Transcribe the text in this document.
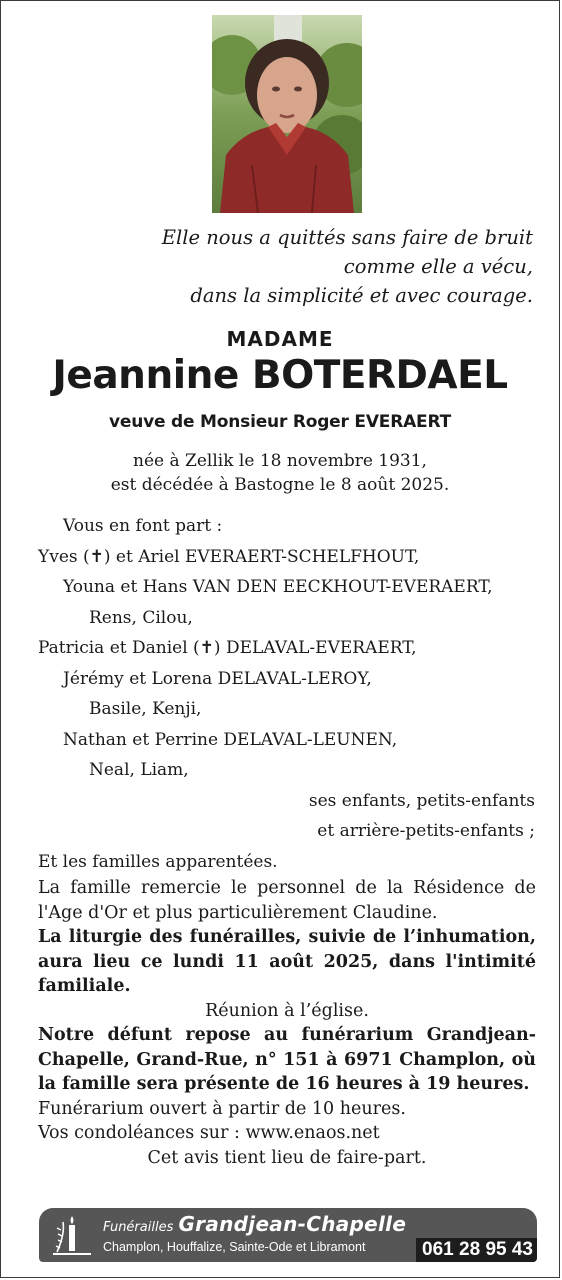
Elle nous a quittés sans faire de bruit
comme elle a vécu,
dans la simplicité et avec courage.
MADAME
Jeannine BOTERDAEL
veuve de Monsieur Roger EVERAERT
née à Zellik le 18 novembre 1931,
est décédée à Bastogne le 8 août 2025.
Vous en font part :
Yves (✝) et Ariel EVERAERT-SCHELFHOUT,
Youna et Hans VAN DEN EECKHOUT-EVERAERT,
Rens, Cilou,
Patricia et Daniel (✝) DELAVAL-EVERAERT,
Jérémy et Lorena DELAVAL-LEROY,
Basile, Kenji,
Nathan et Perrine DELAVAL-LEUNEN,
Neal, Liam,
ses enfants, petits-enfants
et arrière-petits-enfants ;
Et les familles apparentées.

La famille remercie le personnel de la Résidence de l'Age d'Or et plus particulièrement Claudine.

La liturgie des funérailles, suivie de l’inhumation, aura lieu ce lundi 11 août 2025, dans l'intimité familiale.

Réunion à l’église.

Notre défunt repose au funérarium Grandjean-Chapelle, Grand-Rue, n° 151 à 6971 Champlon, où la famille sera présente de 16 heures à 19 heures.

Funérarium ouvert à partir de 10 heures.

Vos condoléances sur : www.enaos.net

Cet avis tient lieu de faire-part.

Funérailles Grandjean-Chapelle
Champlon, Houffalize, Sainte-Ode et Libramont	061 28 95 43
